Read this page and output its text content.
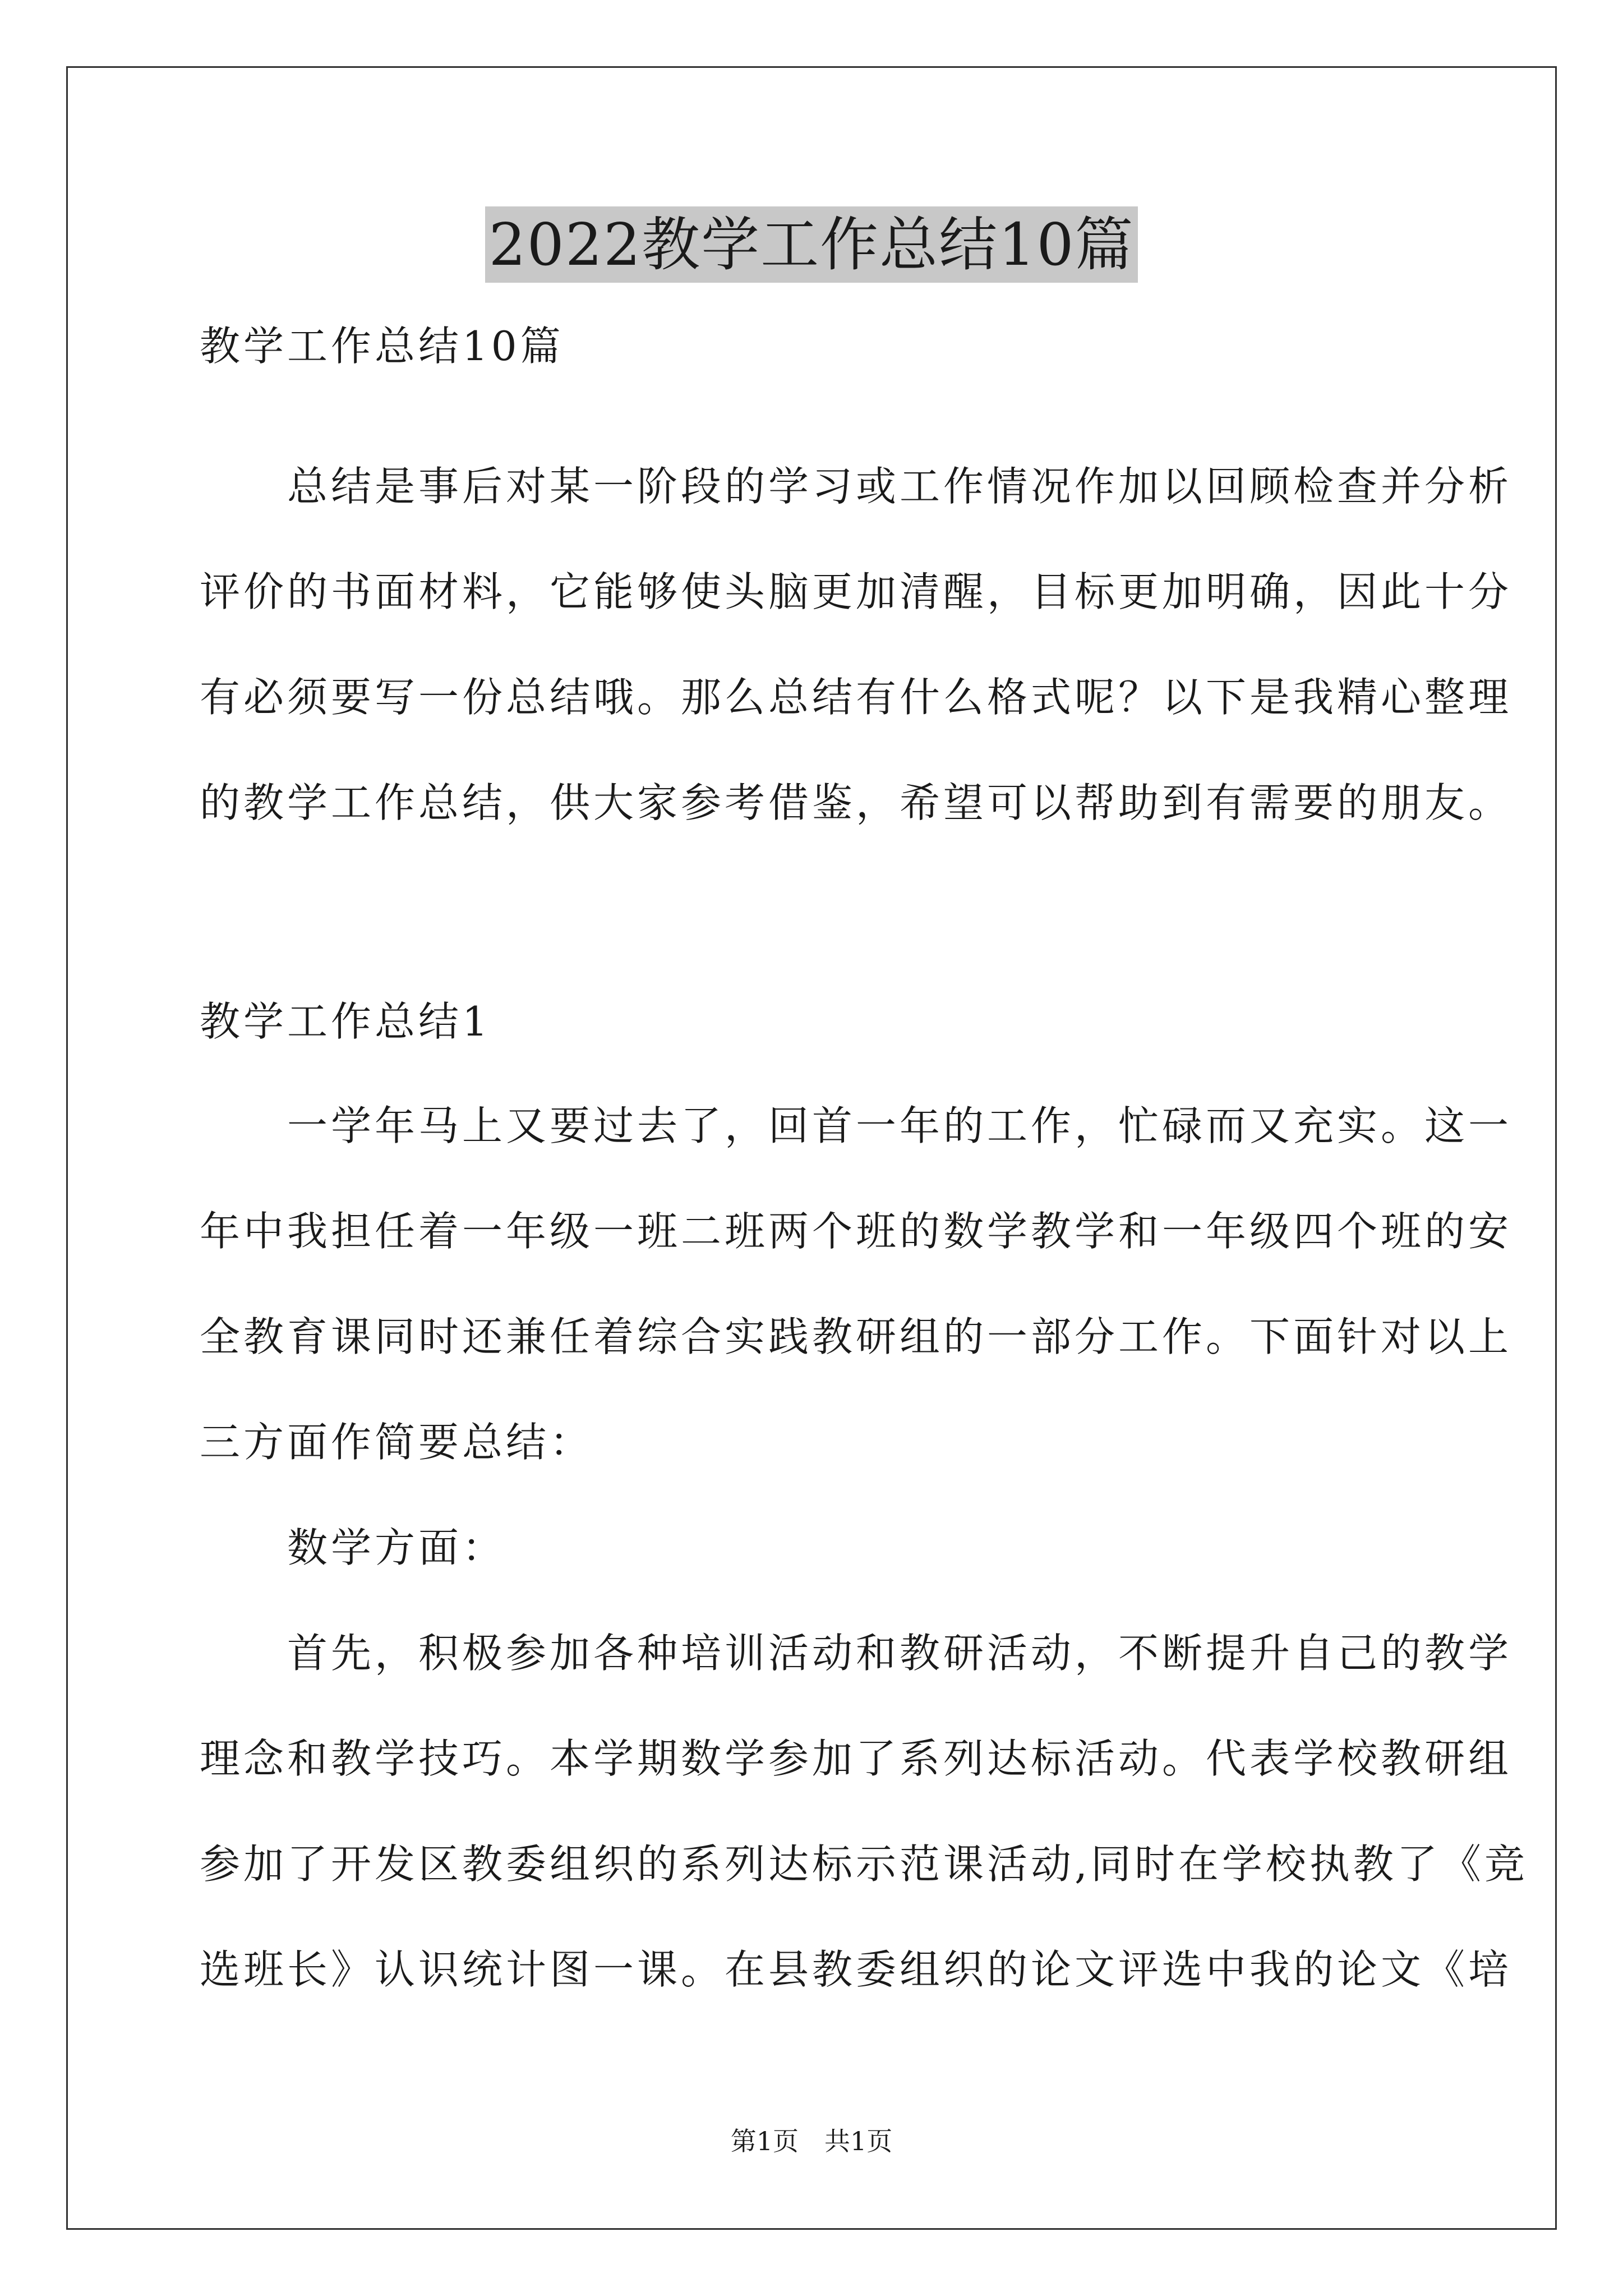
2022教学工作总结10篇
教学工作总结10篇
　　总结是事后对某一阶段的学习或工作情况作加以回顾检查并分析
评价的书面材料，它能够使头脑更加清醒，目标更加明确，因此十分
有必须要写一份总结哦。那么总结有什么格式呢？以下是我精心整理
的教学工作总结，供大家参考借鉴，希望可以帮助到有需要的朋友。
教学工作总结1
　　一学年马上又要过去了，回首一年的工作，忙碌而又充实。这一
年中我担任着一年级一班二班两个班的数学教学和一年级四个班的安
全教育课同时还兼任着综合实践教研组的一部分工作。下面针对以上
三方面作简要总结：
　　数学方面：
　　首先，积极参加各种培训活动和教研活动，不断提升自己的教学
理念和教学技巧。本学期数学参加了系列达标活动。代表学校教研组
参加了开发区教委组织的系列达标示范课活动,同时在学校执教了《竞
选班长》认识统计图一课。在县教委组织的论文评选中我的论文《培
第1页　共1页
